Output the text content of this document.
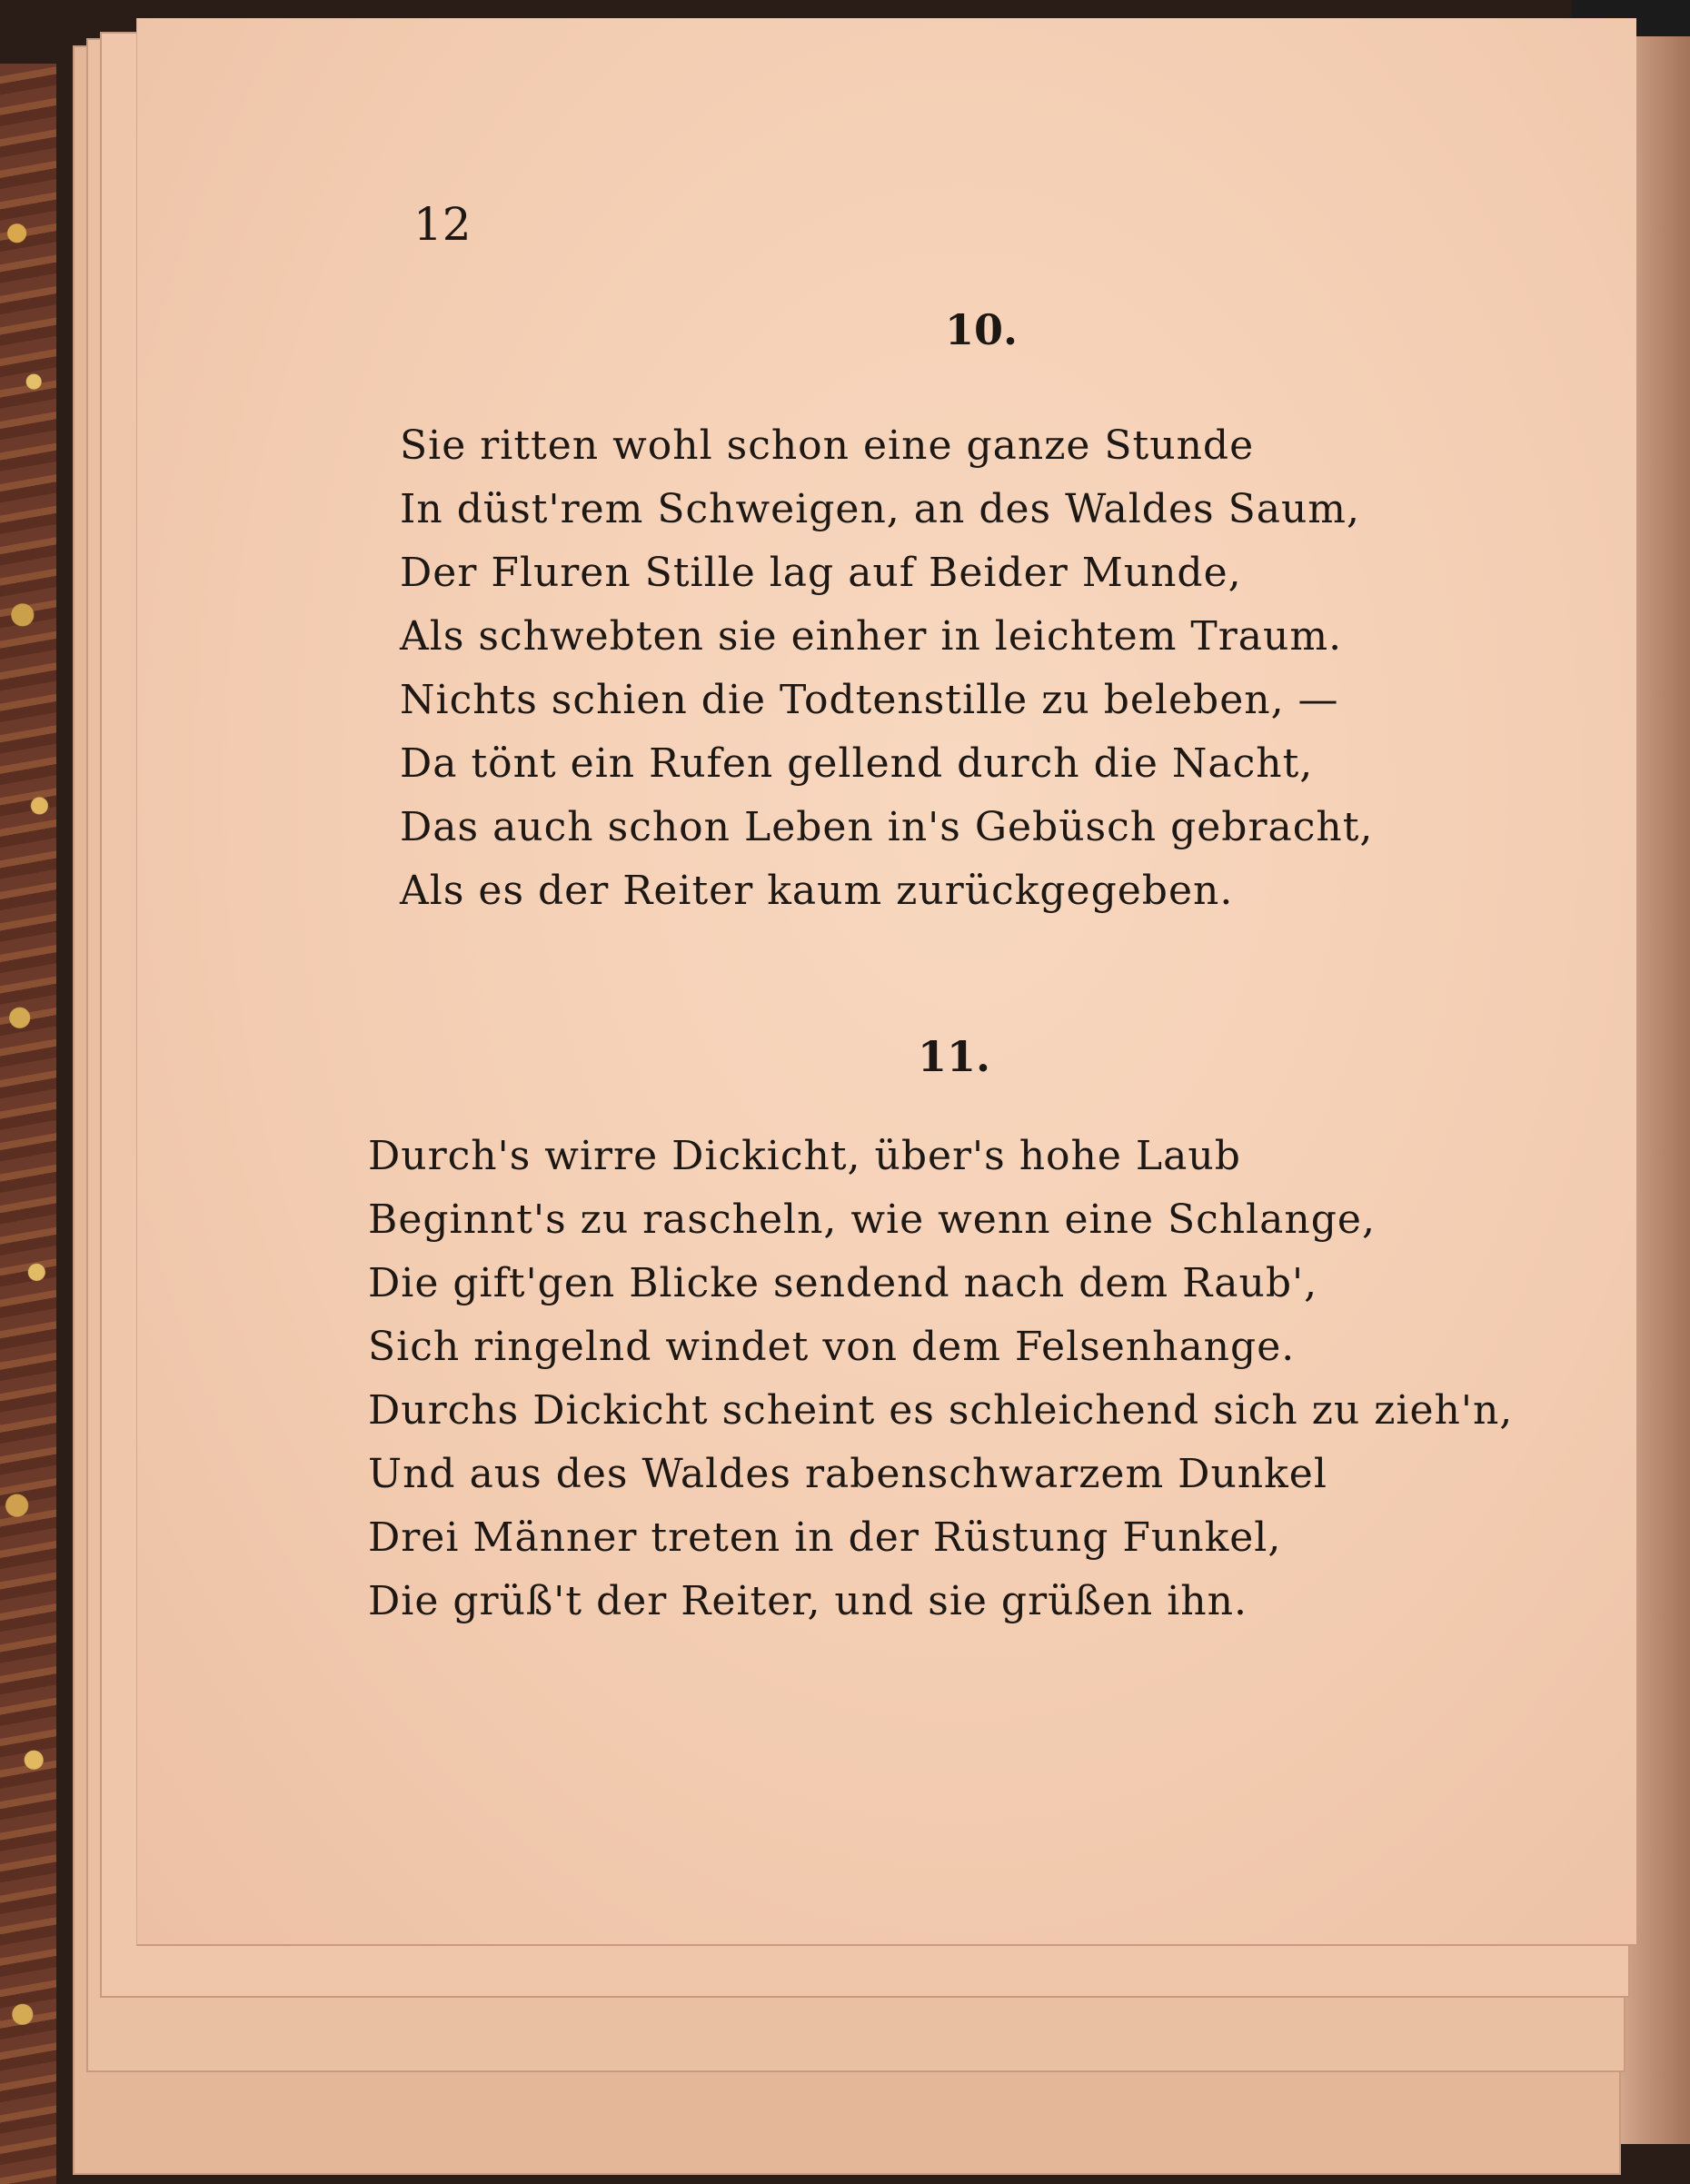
12
10.
Sie ritten wohl schon eine ganze Stunde
In düst'rem Schweigen, an des Waldes Saum,
Der Fluren Stille lag auf Beider Munde,
Als schwebten sie einher in leichtem Traum.
Nichts schien die Todtenstille zu beleben, —
Da tönt ein Rufen gellend durch die Nacht,
Das auch schon Leben in's Gebüsch gebracht,
Als es der Reiter kaum zurückgegeben.
11.
Durch's wirre Dickicht, über's hohe Laub
Beginnt's zu rascheln, wie wenn eine Schlange,
Die gift'gen Blicke sendend nach dem Raub',
Sich ringelnd windet von dem Felsenhange.
Durchs Dickicht scheint es schleichend sich zu zieh'n,
Und aus des Waldes rabenschwarzem Dunkel
Drei Männer treten in der Rüstung Funkel,
Die grüß't der Reiter, und sie grüßen ihn.
